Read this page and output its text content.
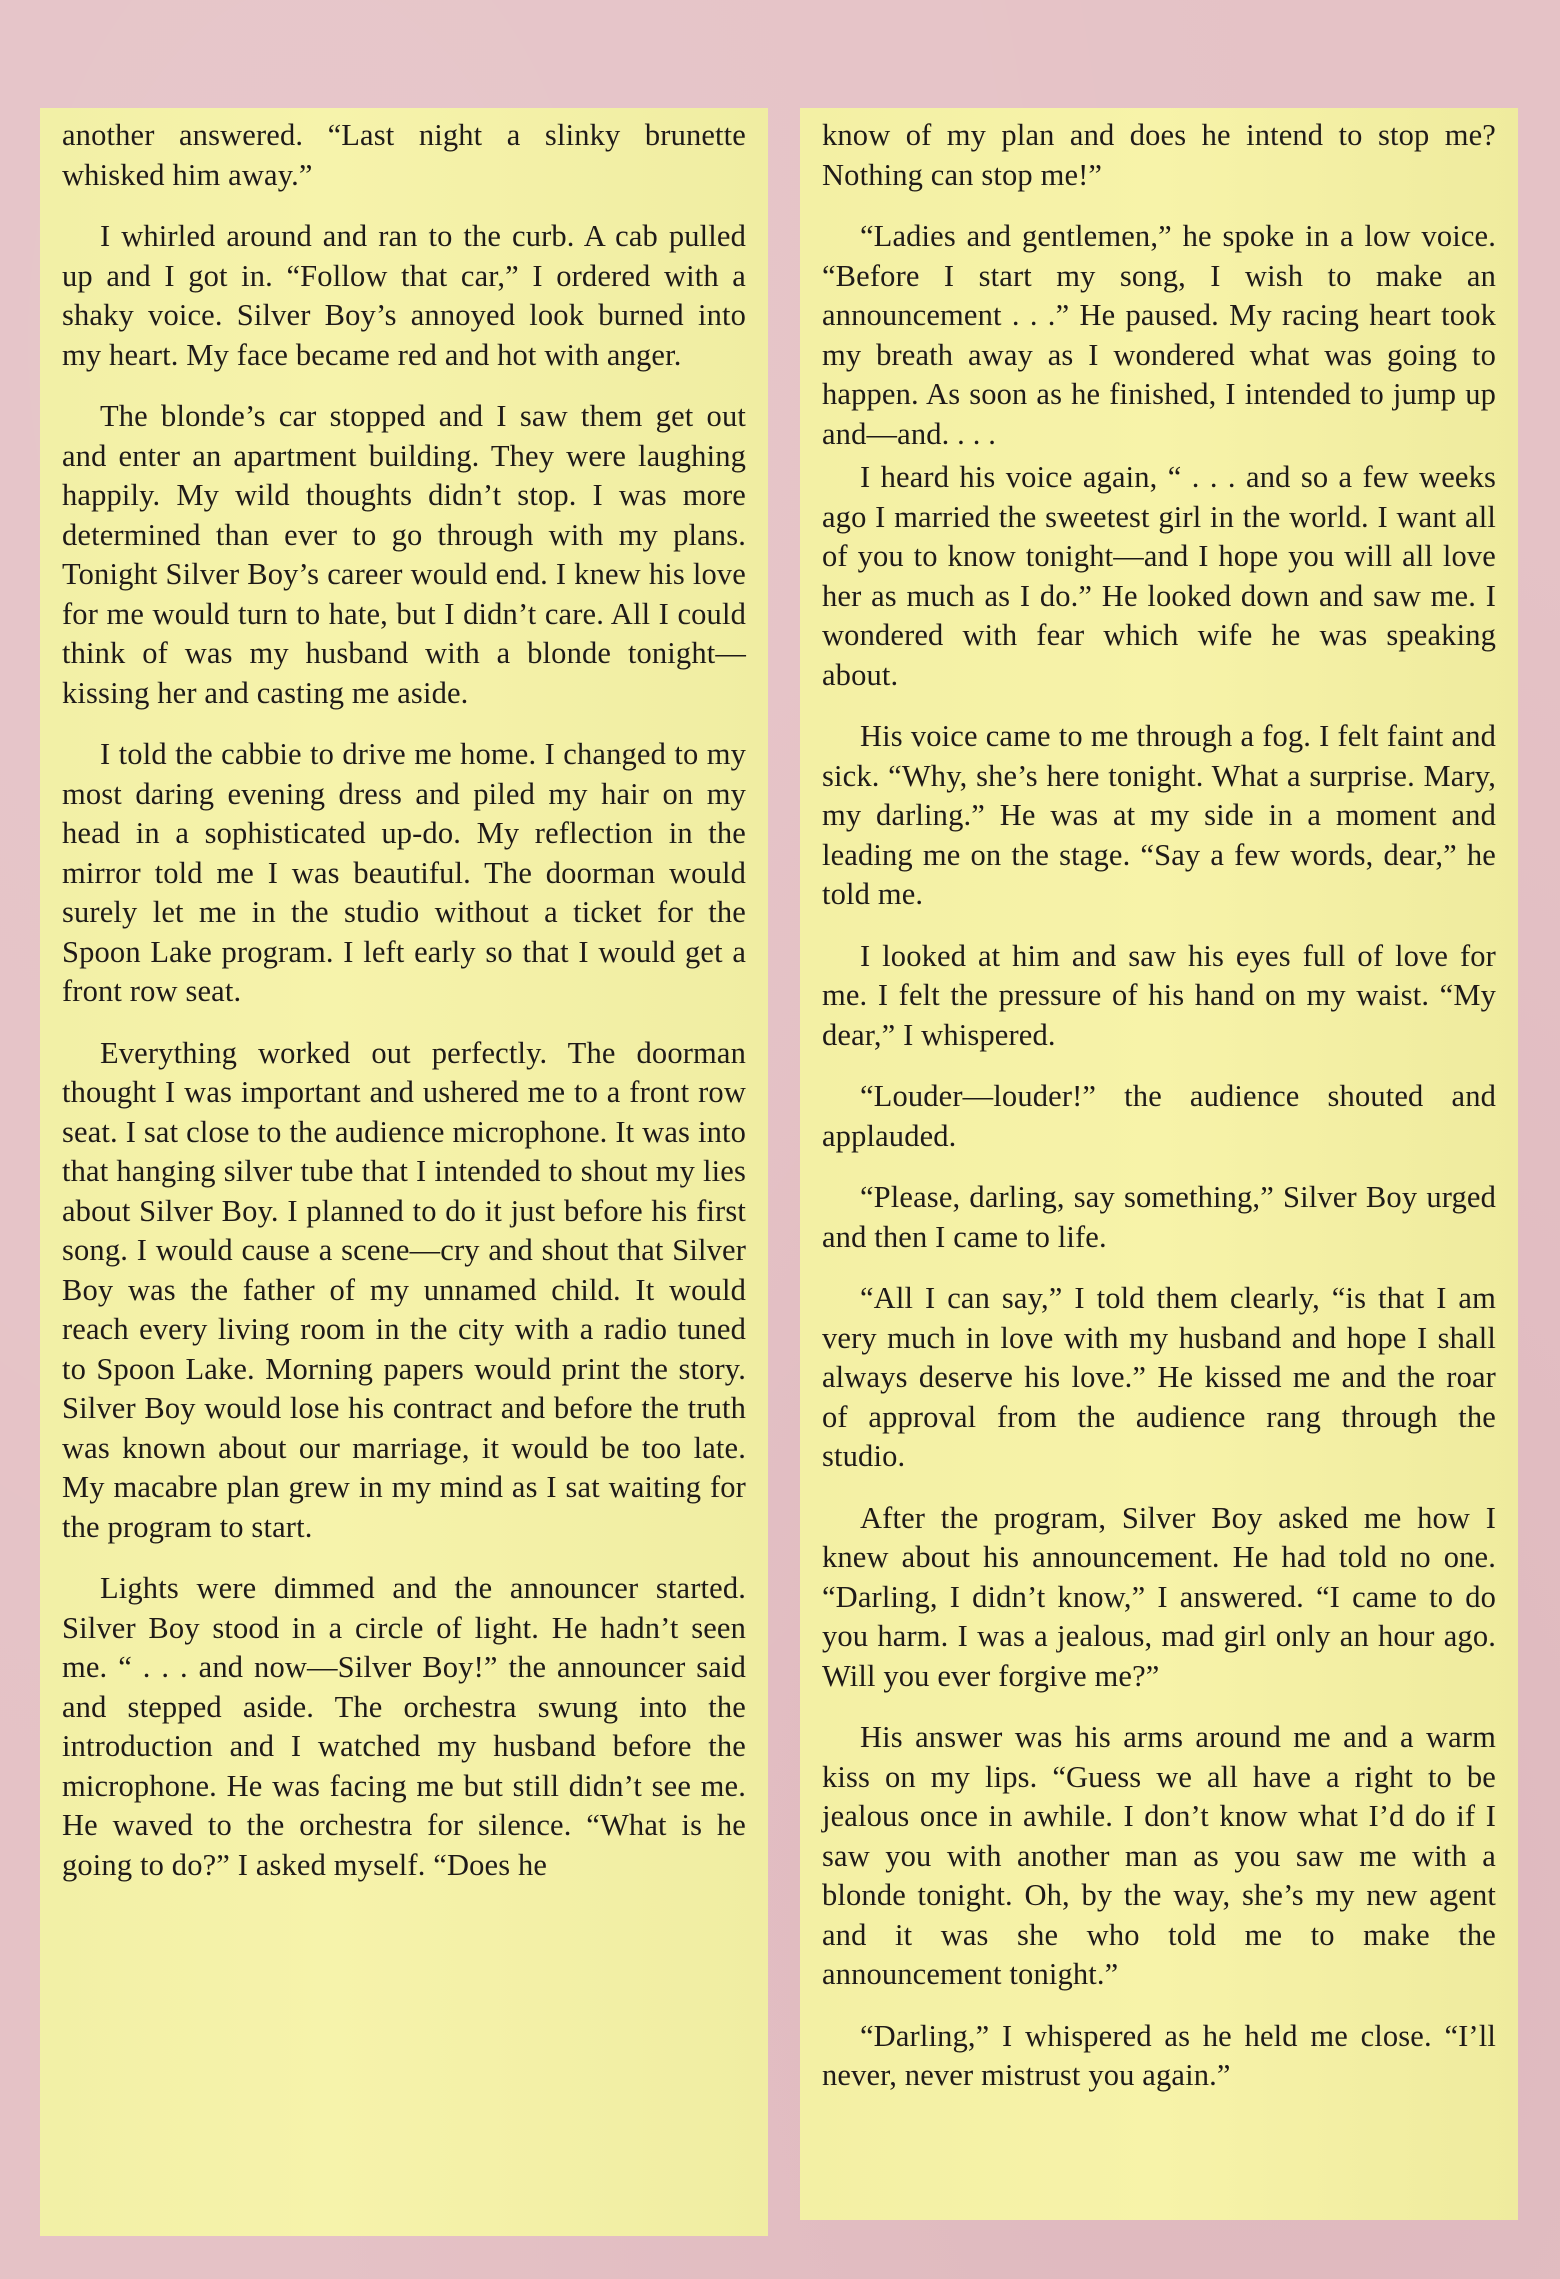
another answered. “Last night a slinky brunette whisked him away.”

I whirled around and ran to the curb. A cab pulled up and I got in. “Follow that car,” I ordered with a shaky voice. Silver Boy’s annoyed look burned into my heart. My face became red and hot with anger.

The blonde’s car stopped and I saw them get out and enter an apartment building. They were laughing happily. My wild thoughts didn’t stop. I was more determined than ever to go through with my plans. Tonight Silver Boy’s career would end. I knew his love for me would turn to hate, but I didn’t care. All I could think of was my husband with a blonde tonight—kissing her and casting me aside.

I told the cabbie to drive me home. I changed to my most daring evening dress and piled my hair on my head in a sophisticated up-do. My reflection in the mirror told me I was beautiful. The doorman would surely let me in the studio without a ticket for the Spoon Lake program. I left early so that I would get a front row seat.

Everything worked out perfectly. The doorman thought I was important and ushered me to a front row seat. I sat close to the audience microphone. It was into that hanging silver tube that I intended to shout my lies about Silver Boy. I planned to do it just before his first song. I would cause a scene—cry and shout that Silver Boy was the father of my unnamed child. It would reach every living room in the city with a radio tuned to Spoon Lake. Morning papers would print the story. Silver Boy would lose his contract and before the truth was known about our marriage, it would be too late. My macabre plan grew in my mind as I sat waiting for the program to start.

Lights were dimmed and the announcer started. Silver Boy stood in a circle of light. He hadn’t seen me. “ . . . and now—Silver Boy!” the announcer said and stepped aside. The orchestra swung into the introduction and I watched my husband before the microphone. He was facing me but still didn’t see me. He waved to the orchestra for silence. “What is he going to do?” I asked myself. “Does he

know of my plan and does he intend to stop me? Nothing can stop me!”

“Ladies and gentlemen,” he spoke in a low voice. “Before I start my song, I wish to make an announcement . . .” He paused. My racing heart took my breath away as I wondered what was going to happen. As soon as he finished, I intended to jump up and—and. . . .

I heard his voice again, “ . . . and so a few weeks ago I married the sweetest girl in the world. I want all of you to know tonight—and I hope you will all love her as much as I do.” He looked down and saw me. I wondered with fear which wife he was speaking about.

His voice came to me through a fog. I felt faint and sick. “Why, she’s here tonight. What a surprise. Mary, my darling.” He was at my side in a moment and leading me on the stage. “Say a few words, dear,” he told me.

I looked at him and saw his eyes full of love for me. I felt the pressure of his hand on my waist. “My dear,” I whispered.

“Louder—louder!” the audience shouted and applauded.

“Please, darling, say something,” Silver Boy urged and then I came to life.

“All I can say,” I told them clearly, “is that I am very much in love with my husband and hope I shall always deserve his love.” He kissed me and the roar of approval from the audience rang through the studio.

After the program, Silver Boy asked me how I knew about his announcement. He had told no one. “Darling, I didn’t know,” I answered. “I came to do you harm. I was a jealous, mad girl only an hour ago. Will you ever forgive me?”

His answer was his arms around me and a warm kiss on my lips. “Guess we all have a right to be jealous once in awhile. I don’t know what I’d do if I saw you with another man as you saw me with a blonde tonight. Oh, by the way, she’s my new agent and it was she who told me to make the announcement tonight.”

“Darling,” I whispered as he held me close. “I’ll never, never mistrust you again.”
